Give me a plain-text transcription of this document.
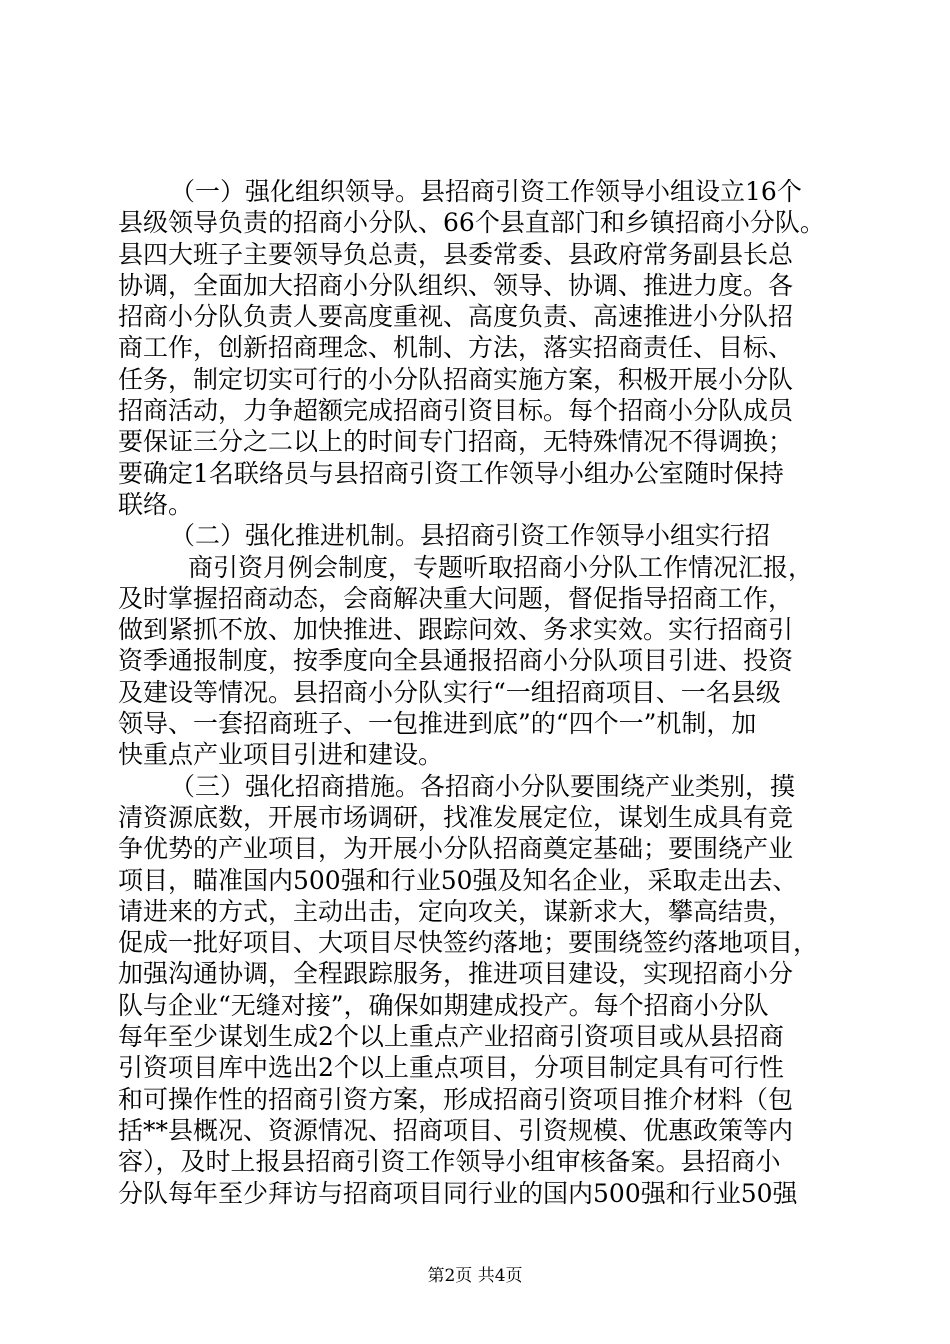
（一）强化组织领导。县招商引资工作领导小组设立16个
县级领导负责的招商小分队、66个县直部门和乡镇招商小分队。
县四大班子主要领导负总责，县委常委、县政府常务副县长总
协调，全面加大招商小分队组织、领导、协调、推进力度。各
招商小分队负责人要高度重视、高度负责、高速推进小分队招
商工作，创新招商理念、机制、方法，落实招商责任、目标、
任务，制定切实可行的小分队招商实施方案，积极开展小分队
招商活动，力争超额完成招商引资目标。每个招商小分队成员
要保证三分之二以上的时间专门招商，无特殊情况不得调换；
要确定1名联络员与县招商引资工作领导小组办公室随时保持
联络。
（二）强化推进机制。县招商引资工作领导小组实行招
商引资月例会制度，专题听取招商小分队工作情况汇报，
及时掌握招商动态，会商解决重大问题，督促指导招商工作，
做到紧抓不放、加快推进、跟踪问效、务求实效。实行招商引
资季通报制度，按季度向全县通报招商小分队项目引进、投资
及建设等情况。县招商小分队实行“一组招商项目、一名县级
领导、一套招商班子、一包推进到底”的“四个一”机制，加
快重点产业项目引进和建设。
（三）强化招商措施。各招商小分队要围绕产业类别，摸
清资源底数，开展市场调研，找准发展定位，谋划生成具有竞
争优势的产业项目，为开展小分队招商奠定基础；要围绕产业
项目，瞄准国内500强和行业50强及知名企业，采取走出去、
请进来的方式，主动出击，定向攻关，谋新求大，攀高结贵，
促成一批好项目、大项目尽快签约落地；要围绕签约落地项目，
加强沟通协调，全程跟踪服务，推进项目建设，实现招商小分
队与企业“无缝对接”，确保如期建成投产。每个招商小分队
每年至少谋划生成2个以上重点产业招商引资项目或从县招商
引资项目库中选出2个以上重点项目，分项目制定具有可行性
和可操作性的招商引资方案，形成招商引资项目推介材料（包
括**县概况、资源情况、招商项目、引资规模、优惠政策等内
容），及时上报县招商引资工作领导小组审核备案。县招商小
分队每年至少拜访与招商项目同行业的国内500强和行业50强
第2页 共4页
